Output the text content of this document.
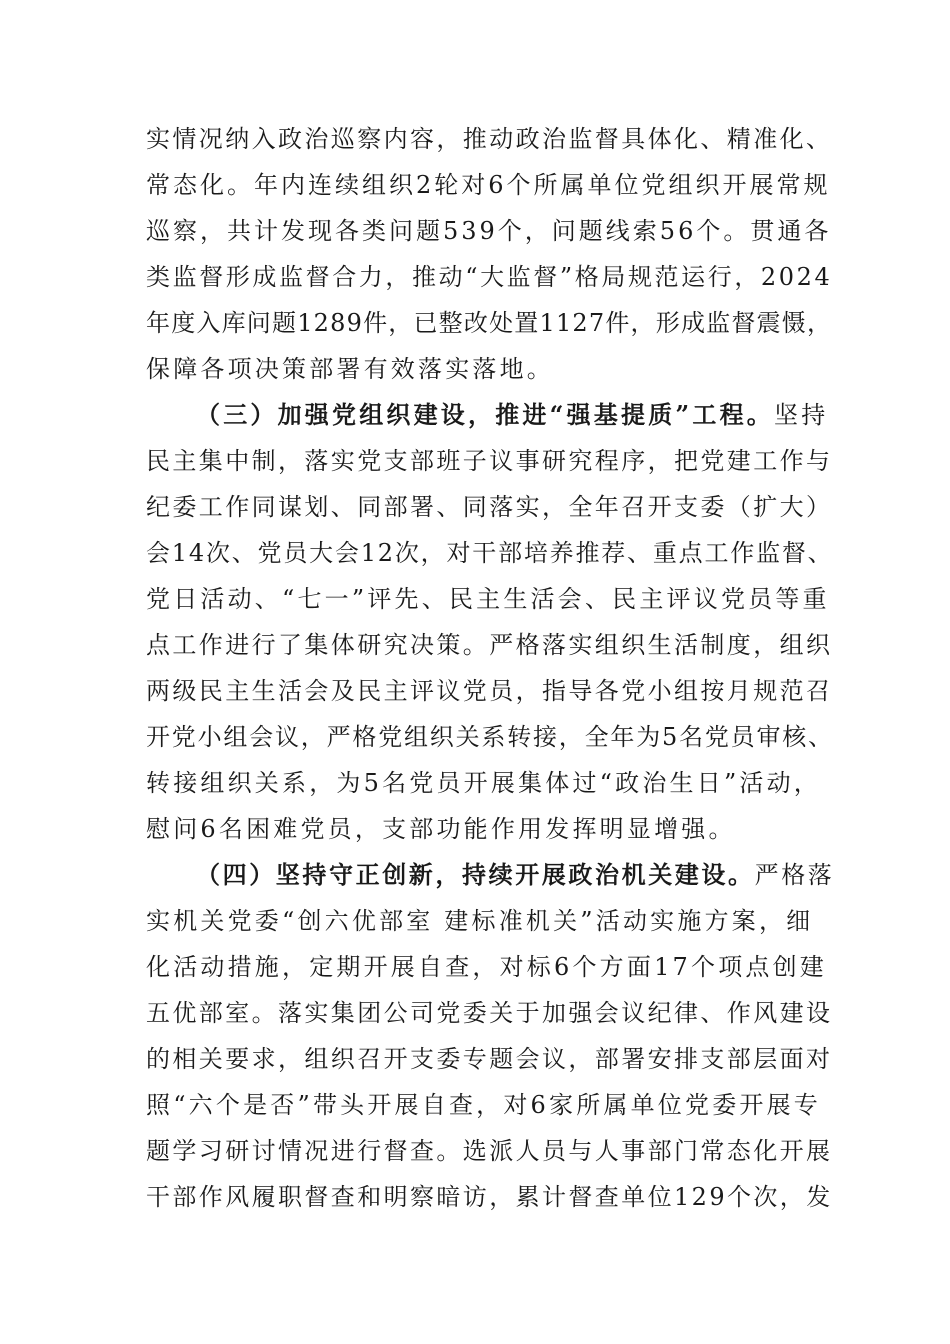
实情况纳入政治巡察内容，推动政治监督具体化、精准化、
常态化。年内连续组织2轮对6个所属单位党组织开展常规
巡察，共计发现各类问题539个，问题线索56个。贯通各
类监督形成监督合力，推动“大监督”格局规范运行，2024
年度入库问题1289件，已整改处置1127件，形成监督震慑，
保障各项决策部署有效落实落地。
（三）加强党组织建设，推进“强基提质”工程。坚持
民主集中制，落实党支部班子议事研究程序，把党建工作与
纪委工作同谋划、同部署、同落实，全年召开支委（扩大）
会14次、党员大会12次，对干部培养推荐、重点工作监督、
党日活动、“七一”评先、民主生活会、民主评议党员等重
点工作进行了集体研究决策。严格落实组织生活制度，组织
两级民主生活会及民主评议党员，指导各党小组按月规范召
开党小组会议，严格党组织关系转接，全年为5名党员审核、
转接组织关系，为5名党员开展集体过“政治生日”活动，
慰问6名困难党员，支部功能作用发挥明显增强。
（四）坚持守正创新，持续开展政治机关建设。严格落
实机关党委“创六优部室 建标准机关”活动实施方案，细
化活动措施，定期开展自查，对标6个方面17个项点创建
五优部室。落实集团公司党委关于加强会议纪律、作风建设
的相关要求，组织召开支委专题会议，部署安排支部层面对
照“六个是否”带头开展自查，对6家所属单位党委开展专
题学习研讨情况进行督查。选派人员与人事部门常态化开展
干部作风履职督查和明察暗访，累计督查单位129个次，发
